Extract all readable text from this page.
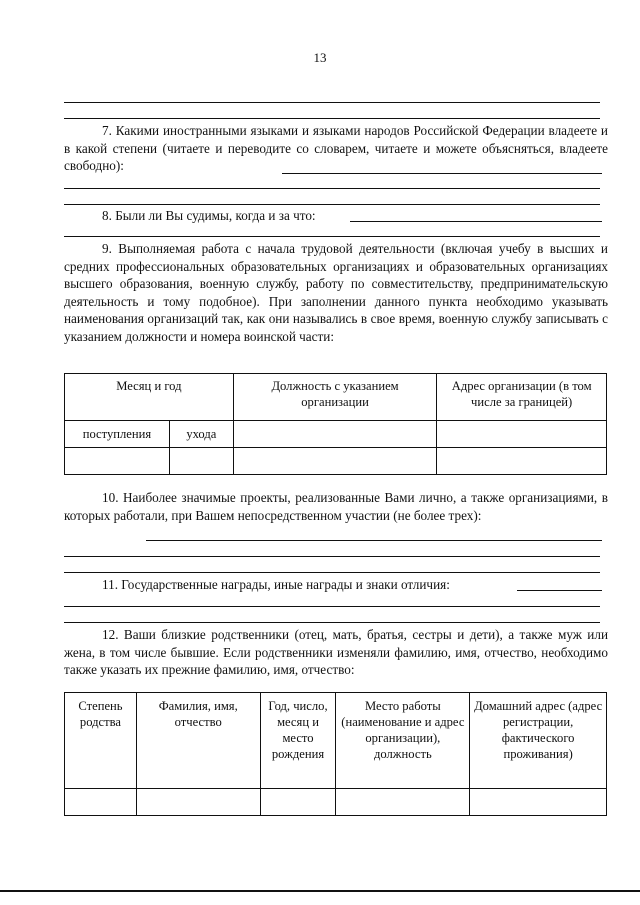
13

7. Какими иностранными языками и языками народов Российской Федерации владеете и в какой степени (читаете и переводите со словарем, читаете и можете объясняться, владеете свободно):

8. Были ли Вы судимы, когда и за что:

9. Выполняемая работа с начала трудовой деятельности (включая учебу в высших и средних профессиональных образовательных организациях и образовательных организациях высшего образования, военную службу, работу по совместительству, предпринимательскую деятельность и тому подобное). При заполнении данного пункта необходимо указывать наименования организаций так, как они назывались в свое время, военную службу записывать с указанием должности и номера воинской части:

Месяц и год		Должность с указанием организации	Адрес организации (в том числе за границей)
поступления	ухода		

10. Наиболее значимые проекты, реализованные Вами лично, а также организациями, в которых работали, при Вашем непосредственном участии (не более трех):

11. Государственные награды, иные награды и знаки отличия:

12. Ваши близкие родственники (отец, мать, братья, сестры и дети), а также муж или жена, в том числе бывшие. Если родственники изменяли фамилию, имя, отчество, необходимо также указать их прежние фамилию, имя, отчество:

Степень родства	Фамилия, имя, отчество	Год, число, месяц и место рождения	Место работы (наименование и адрес организации), должность	Домашний адрес (адрес регистрации, фактического проживания)
